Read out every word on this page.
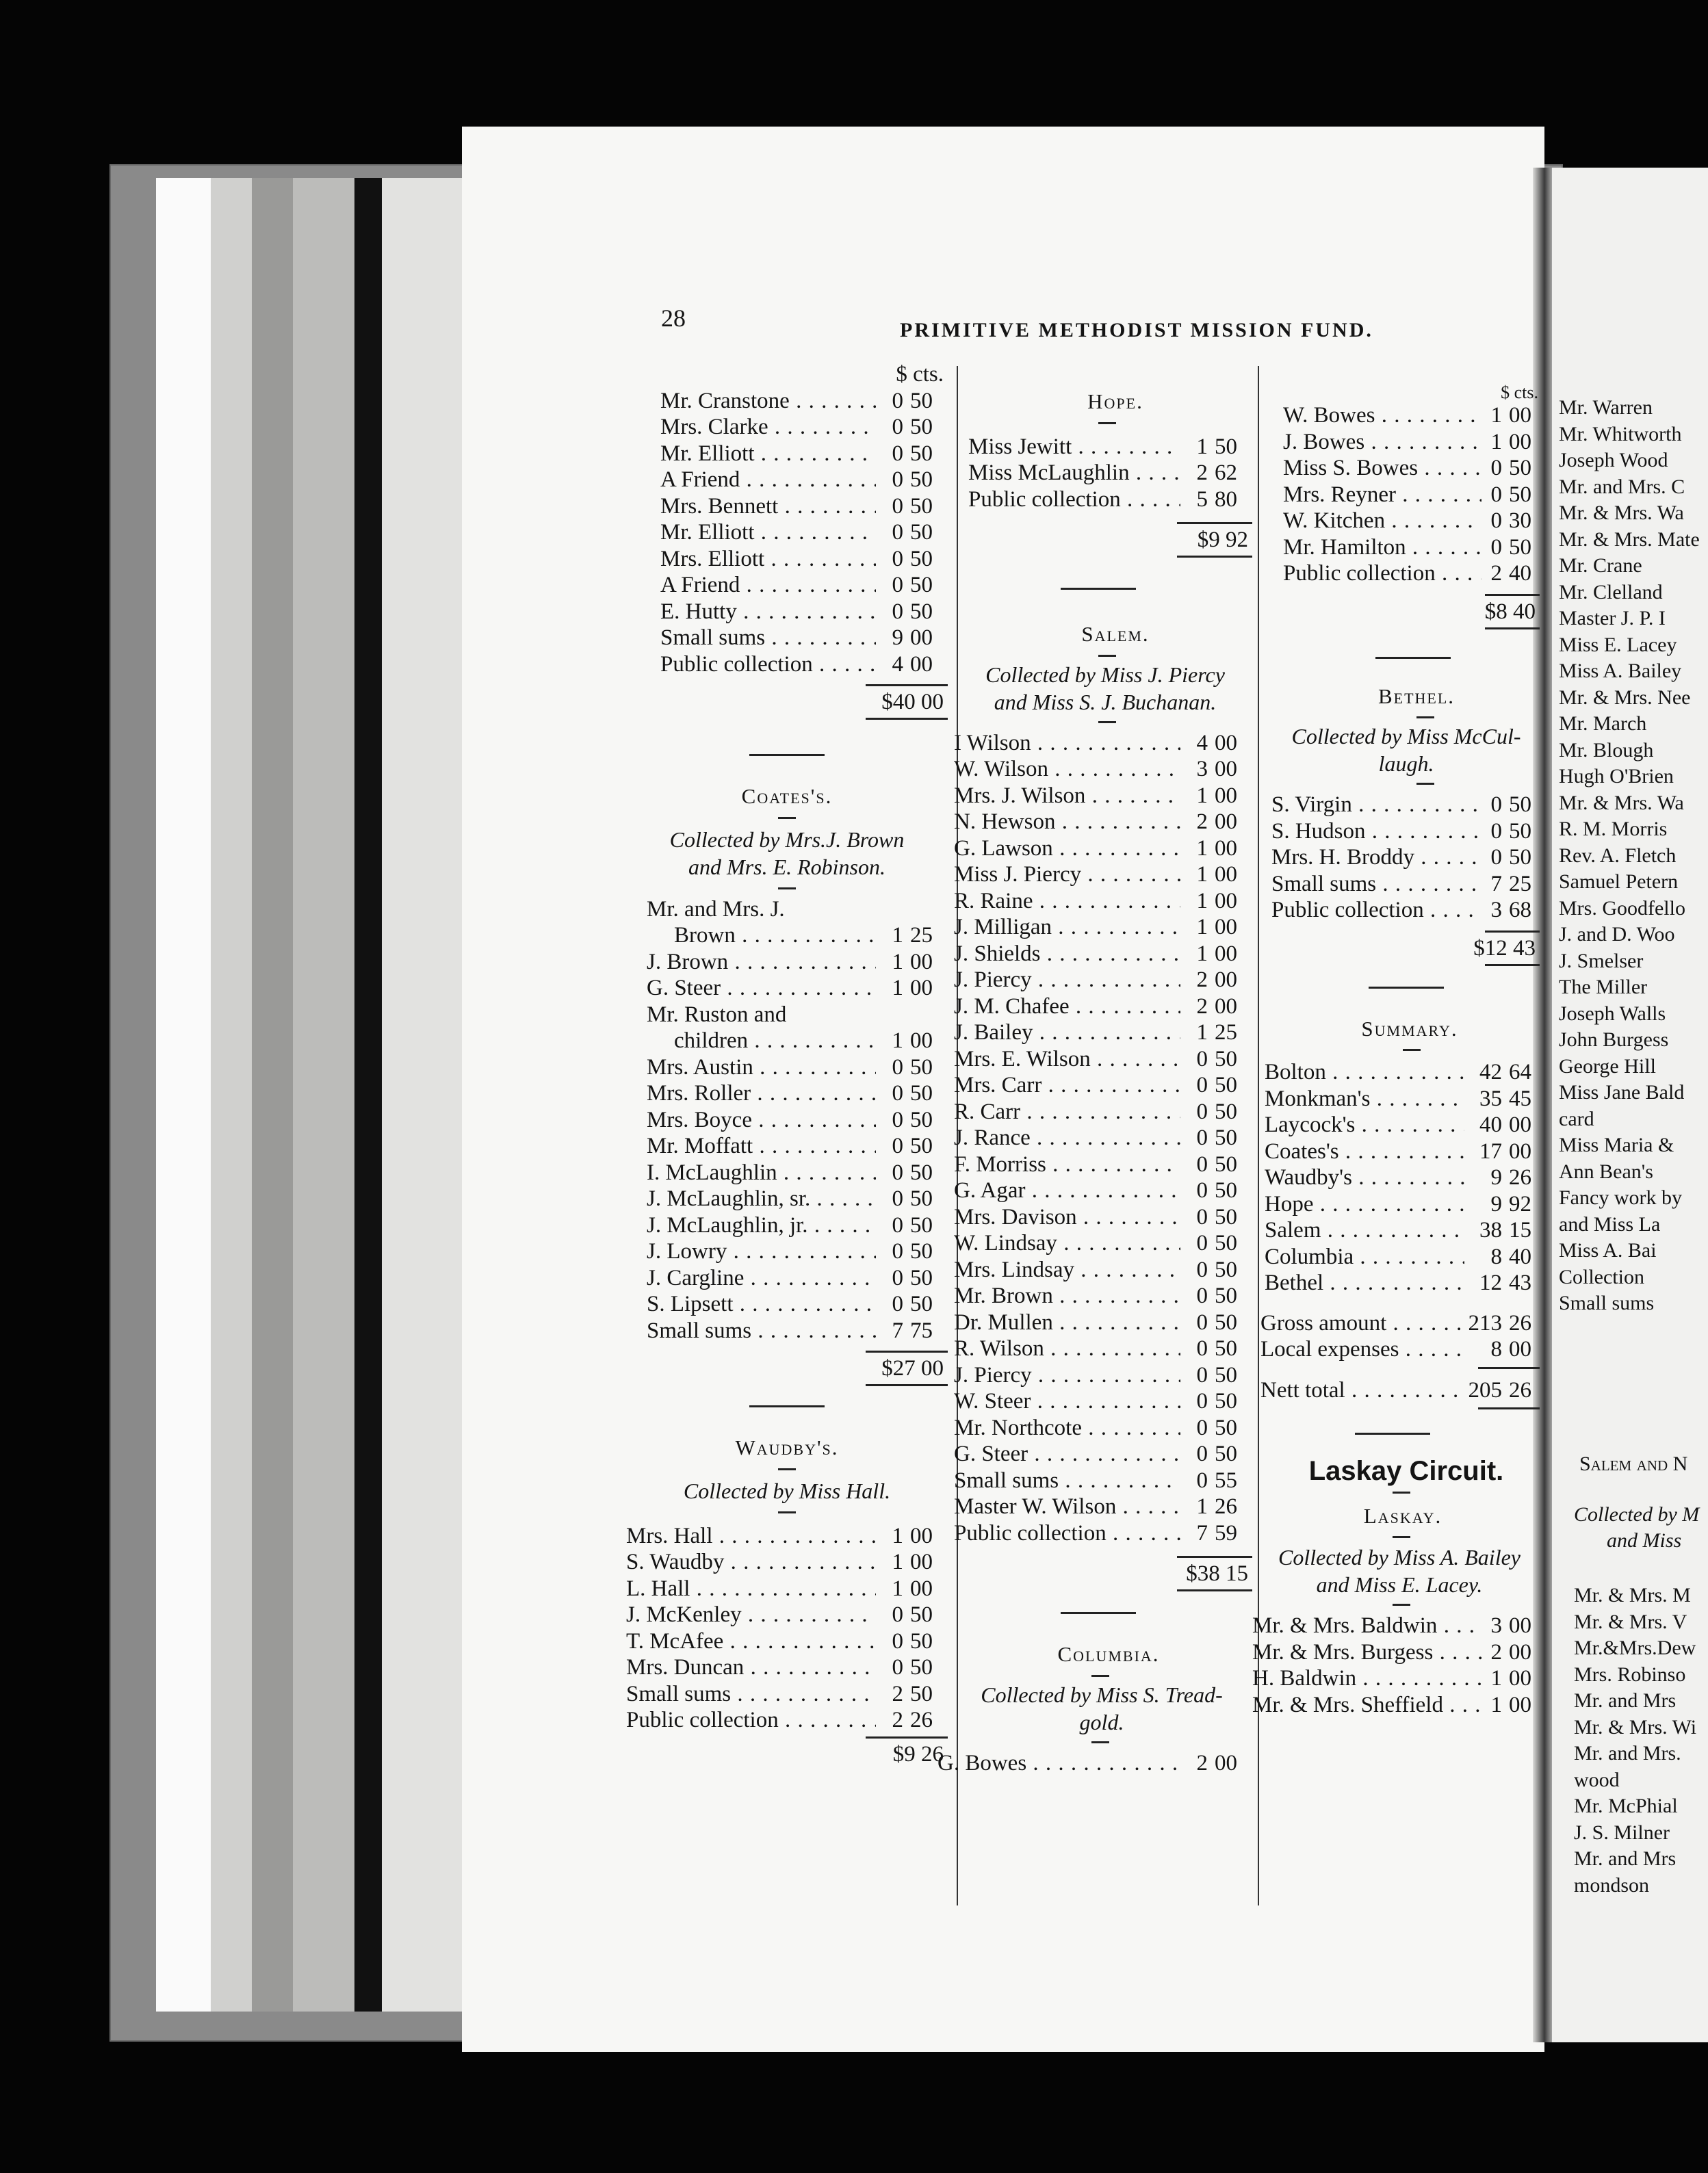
28	PRIMITIVE METHODIST MISSION FUND.
$ cts.
Mr. Cranstone . . .	0 50
Mrs. Clarke . . .	0 50
Mr. Elliott . . .	0 50
A Friend . . .	0 50
Mrs. Bennett . . .	0 50
Mr. Elliott . . .	0 50
Mrs. Elliott . . .	0 50
A Friend . . .	0 50
E. Hutty . . .	0 50
Small sums . . .	9 00
Public collection . . .	4 00
$40 00
Coates's.
Collected by Mrs.J. Brown
and Mrs. E. Robinson.
Mr. and Mrs. J.
Brown . . .	1 25
J. Brown . . .	1 00
G. Steer . . .	1 00
Mr. Ruston and
children . . .	1 00
Mrs. Austin . . .	0 50
Mrs. Roller . . .	0 50
Mrs. Boyce . . .	0 50
Mr. Moffatt . . .	0 50
I. McLaughlin . . .	0 50
J. McLaughlin, sr. . . .	0 50
J. McLaughlin, jr. . . .	0 50
J. Lowry . . .	0 50
J. Cargline . . .	0 50
S. Lipsett . . .	0 50
Small sums . . .	7 75
$27 00
Waudby's.
Collected by Miss Hall.
Mrs. Hall . . .	1 00
S. Waudby . . .	1 00
L. Hall . . .	1 00
J. McKenley . . .	0 50
T. McAfee . . .	0 50
Mrs. Duncan . . .	0 50
Small sums . . .	2 50
Public collection . . .	2 26
$9 26
Hope.
Miss Jewitt . . .	1 50
Miss McLaughlin . . .	2 62
Public collection . . .	5 80
$9 92
Salem.
Collected by Miss J. Piercy
and Miss S. J. Buchanan.
I Wilson . . .	4 00
W. Wilson . . .	3 00
Mrs. J. Wilson . . .	1 00
N. Hewson . . .	2 00
G. Lawson . . .	1 00
Miss J. Piercy . . .	1 00
R. Raine . . .	1 00
J. Milligan . . .	1 00
J. Shields . . .	1 00
J. Piercy . . .	2 00
J. M. Chafee . . .	2 00
J. Bailey . . .	1 25
Mrs. E. Wilson . . .	0 50
Mrs. Carr . . .	0 50
R. Carr . . .	0 50
J. Rance . . .	0 50
F. Morriss . . .	0 50
G. Agar . . .	0 50
Mrs. Davison . . .	0 50
W. Lindsay . . .	0 50
Mrs. Lindsay . . .	0 50
Mr. Brown . . .	0 50
Dr. Mullen . . .	0 50
R. Wilson . . .	0 50
J. Piercy . . .	0 50
W. Steer . . .	0 50
Mr. Northcote . . .	0 50
G. Steer . . .	0 50
Small sums . . .	0 55
Master W. Wilson . . .	1 26
Public collection . . .	7 59
$38 15
Columbia.
Collected by Miss S. Tread-
gold.
G. Bowes . . .	2 00
$ cts.
W. Bowes . . .	1 00
J. Bowes . . .	1 00
Miss S. Bowes . . .	0 50
Mrs. Reyner . . .	0 50
W. Kitchen . . .	0 30
Mr. Hamilton . . .	0 50
Public collection . . .	2 40
$8 40
Bethel.
Collected by Miss McCul-
laugh.
S. Virgin . . .	0 50
S. Hudson . . .	0 50
Mrs. H. Broddy . . .	0 50
Small sums . . .	7 25
Public collection . . .	3 68
$12 43
Summary.
Bolton . . .	42 64
Monkman's . . .	35 45
Laycock's . . .	40 00
Coates's . . .	17 00
Waudby's . . .	9 26
Hope . . .	9 92
Salem . . .	38 15
Columbia . . .	8 40
Bethel . . .	12 43
Gross amount . . .	213 26
Local expenses . . .	8 00
Nett total . . .	205 26
Laskay Circuit.
Laskay.
Collected by Miss A. Bailey
and Miss E. Lacey.
Mr. & Mrs. Baldwin . . .	3 00
Mr. & Mrs. Burgess . . .	2 00
H. Baldwin . . .	1 00
Mr. & Mrs. Sheffield . . .	1 00
Mr. Warren
Mr. Whitworth
Joseph Wood
Mr. and Mrs. C
Mr. & Mrs. Wa
Mr. & Mrs. Mate
Mr. Crane
Mr. Clelland
Master J. P. I
Miss E. Lacey
Miss A. Bailey
Mr. & Mrs. Nee
Mr. March
Mr. Blough
Hugh O'Brien
Mr. & Mrs. Wa
R. M. Morris
Rev. A. Fletch
Samuel Petern
Mrs. Goodfello
J. and D. Woo
J. Smelser
The Miller
Joseph Walls
John Burgess
George Hill
Miss Jane Bald
card
Miss Maria &
Ann Bean's
Fancy work by
and Miss La
Miss A. Bai
Collection
Small sums
Salem and N
Collected by M
and Miss
Mr. & Mrs. M
Mr. & Mrs. V
Mr.&Mrs.Dew
Mrs. Robinso
Mr. and Mrs
Mr. & Mrs. Wi
Mr. and Mrs.
wood
Mr. McPhial
J. S. Milner
Mr. and Mrs
mondson
